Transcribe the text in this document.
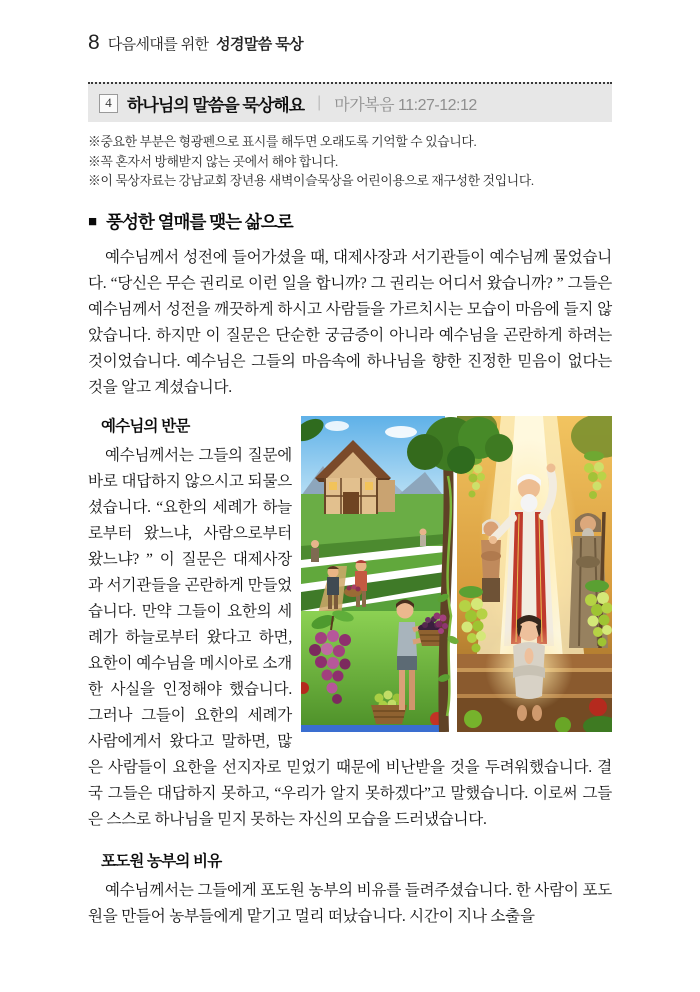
8 다음세대를 위한 성경말씀 묵상
4 하나님의 말씀을 묵상해요 | 마가복음 11:27-12:12
※중요한 부분은 형광펜으로 표시를 해두면 오래도록 기억할 수 있습니다.
※꼭 혼자서 방해받지 않는 곳에서 해야 합니다.
※이 묵상자료는 강남교회 장년용 새벽이슬묵상을 어린이용으로 재구성한 것입니다.
■ 풍성한 열매를 맺는 삶으로

예수님께서 성전에 들어가셨을 때, 대제사장과 서기관들이 예수님께 물었습니다. “당신은 무슨 권리로 이런 일을 합니까? 그 권리는 어디서 왔습니까? ” 그들은 예수님께서 성전을 깨끗하게 하시고 사람들을 가르치시는 모습이 마음에 들지 않았습니다. 하지만 이 질문은 단순한 궁금증이 아니라 예수님을 곤란하게 하려는 것이었습니다. 예수님은 그들의 마음속에 하나님을 향한 진정한 믿음이 없다는 것을 알고 계셨습니다.

예수님의 반문

예수님께서는 그들의 질문에 바로 대답하지 않으시고 되물으셨습니다. “요한의 세례가 하늘로부터 왔느냐, 사람으로부터 왔느냐? ” 이 질문은 대제사장과 서기관들을 곤란하게 만들었습니다. 만약 그들이 요한의 세례가 하늘로부터 왔다고 하면, 요한이 예수님을 메시아로 소개한 사실을 인정해야 했습니다. 그러나 그들이 요한의 세례가 사람에게서 왔다고 말하면, 많은 사람들이 요한을 선지자로 믿었기 때문에 비난받을 것을 두려워했습니다. 결국 그들은 대답하지 못하고, “우리가 알지 못하겠다”고 말했습니다. 이로써 그들은 스스로 하나님을 믿지 못하는 자신의 모습을 드러냈습니다.

포도원 농부의 비유

예수님께서는 그들에게 포도원 농부의 비유를 들려주셨습니다. 한 사람이 포도원을 만들어 농부들에게 맡기고 멀리 떠났습니다. 시간이 지나 소출을
